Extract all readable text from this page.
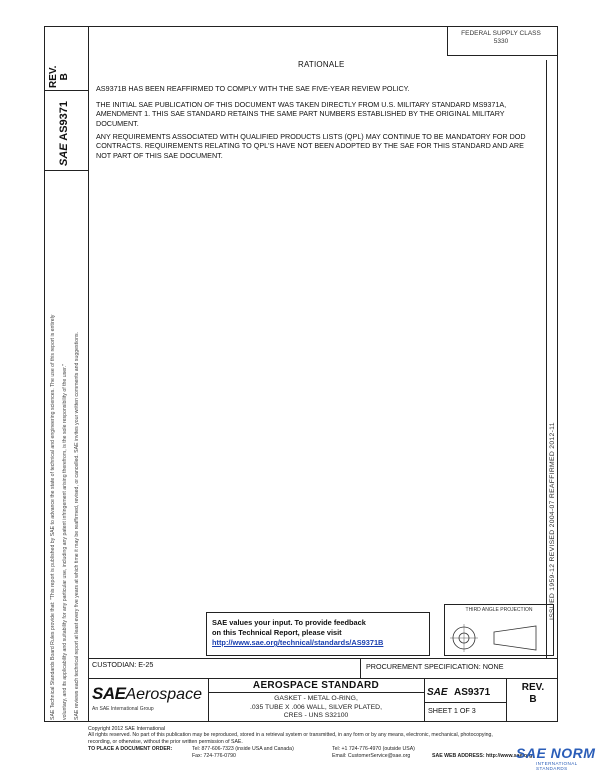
FEDERAL SUPPLY CLASS
5330
REV.
B
SAE AS9371
SAE Technical Standards Board Rules provide that: "This report is published by SAE to advance the state of technical and engineering sciences. The use of this report is entirely voluntary, and its applicability and suitability for any particular use, including any patent infringement arising therefrom, is the sole responsibility of the user." SAE reviews each technical report at least every five years at which time it may be reaffirmed, revised, or cancelled. SAE invites your written comments and suggestions.	ISSUED 1959-12 REVISED 2004-07 REAFFIRMED 2012-11
RATIONALE
AS9371B HAS BEEN REAFFIRMED TO COMPLY WITH THE SAE FIVE-YEAR REVIEW POLICY.
THE INITIAL SAE PUBLICATION OF THIS DOCUMENT WAS TAKEN DIRECTLY FROM U.S. MILITARY STANDARD MS9371A, AMENDMENT 1. THIS SAE STANDARD RETAINS THE SAME PART NUMBERS ESTABLISHED BY THE ORIGINAL MILITARY DOCUMENT.
ANY REQUIREMENTS ASSOCIATED WITH QUALIFIED PRODUCTS LISTS (QPL) MAY CONTINUE TO BE MANDATORY FOR DOD CONTRACTS. REQUIREMENTS RELATING TO QPL'S HAVE NOT BEEN ADOPTED BY THE SAE FOR THIS STANDARD AND ARE NOT PART OF THIS SAE DOCUMENT.
SAE values your input. To provide feedback
on this Technical Report, please visit
http://www.sae.org/technical/standards/AS9371B
THIRD ANGLE PROJECTION
CUSTODIAN: E-25	PROCUREMENT SPECIFICATION: NONE
SAEAerospace
An SAE International Group
AEROSPACE STANDARD
GASKET - METAL O-RING,
.035 TUBE X .006 WALL, SILVER PLATED,
CRES - UNS S32100
SAE AS9371
SHEET 1 OF 3
REV.
B
Copyright 2012 SAE International
All rights reserved. No part of this publication may be reproduced, stored in a retrieval system or transmitted, in any form or by any means, electronic, mechanical, photocopying,
recording, or otherwise, without the prior written permission of SAE.
TO PLACE A DOCUMENT ORDER:	Tel: 877-606-7323 (inside USA and Canada)
Fax: 724-776-0790
Tel: +1 724-776-4970 (outside USA)
Email: CustomerService@sae.org	SAE WEB ADDRESS: http://www.sae.org
SAE NORM
INTERNATIONAL STANDARDS
